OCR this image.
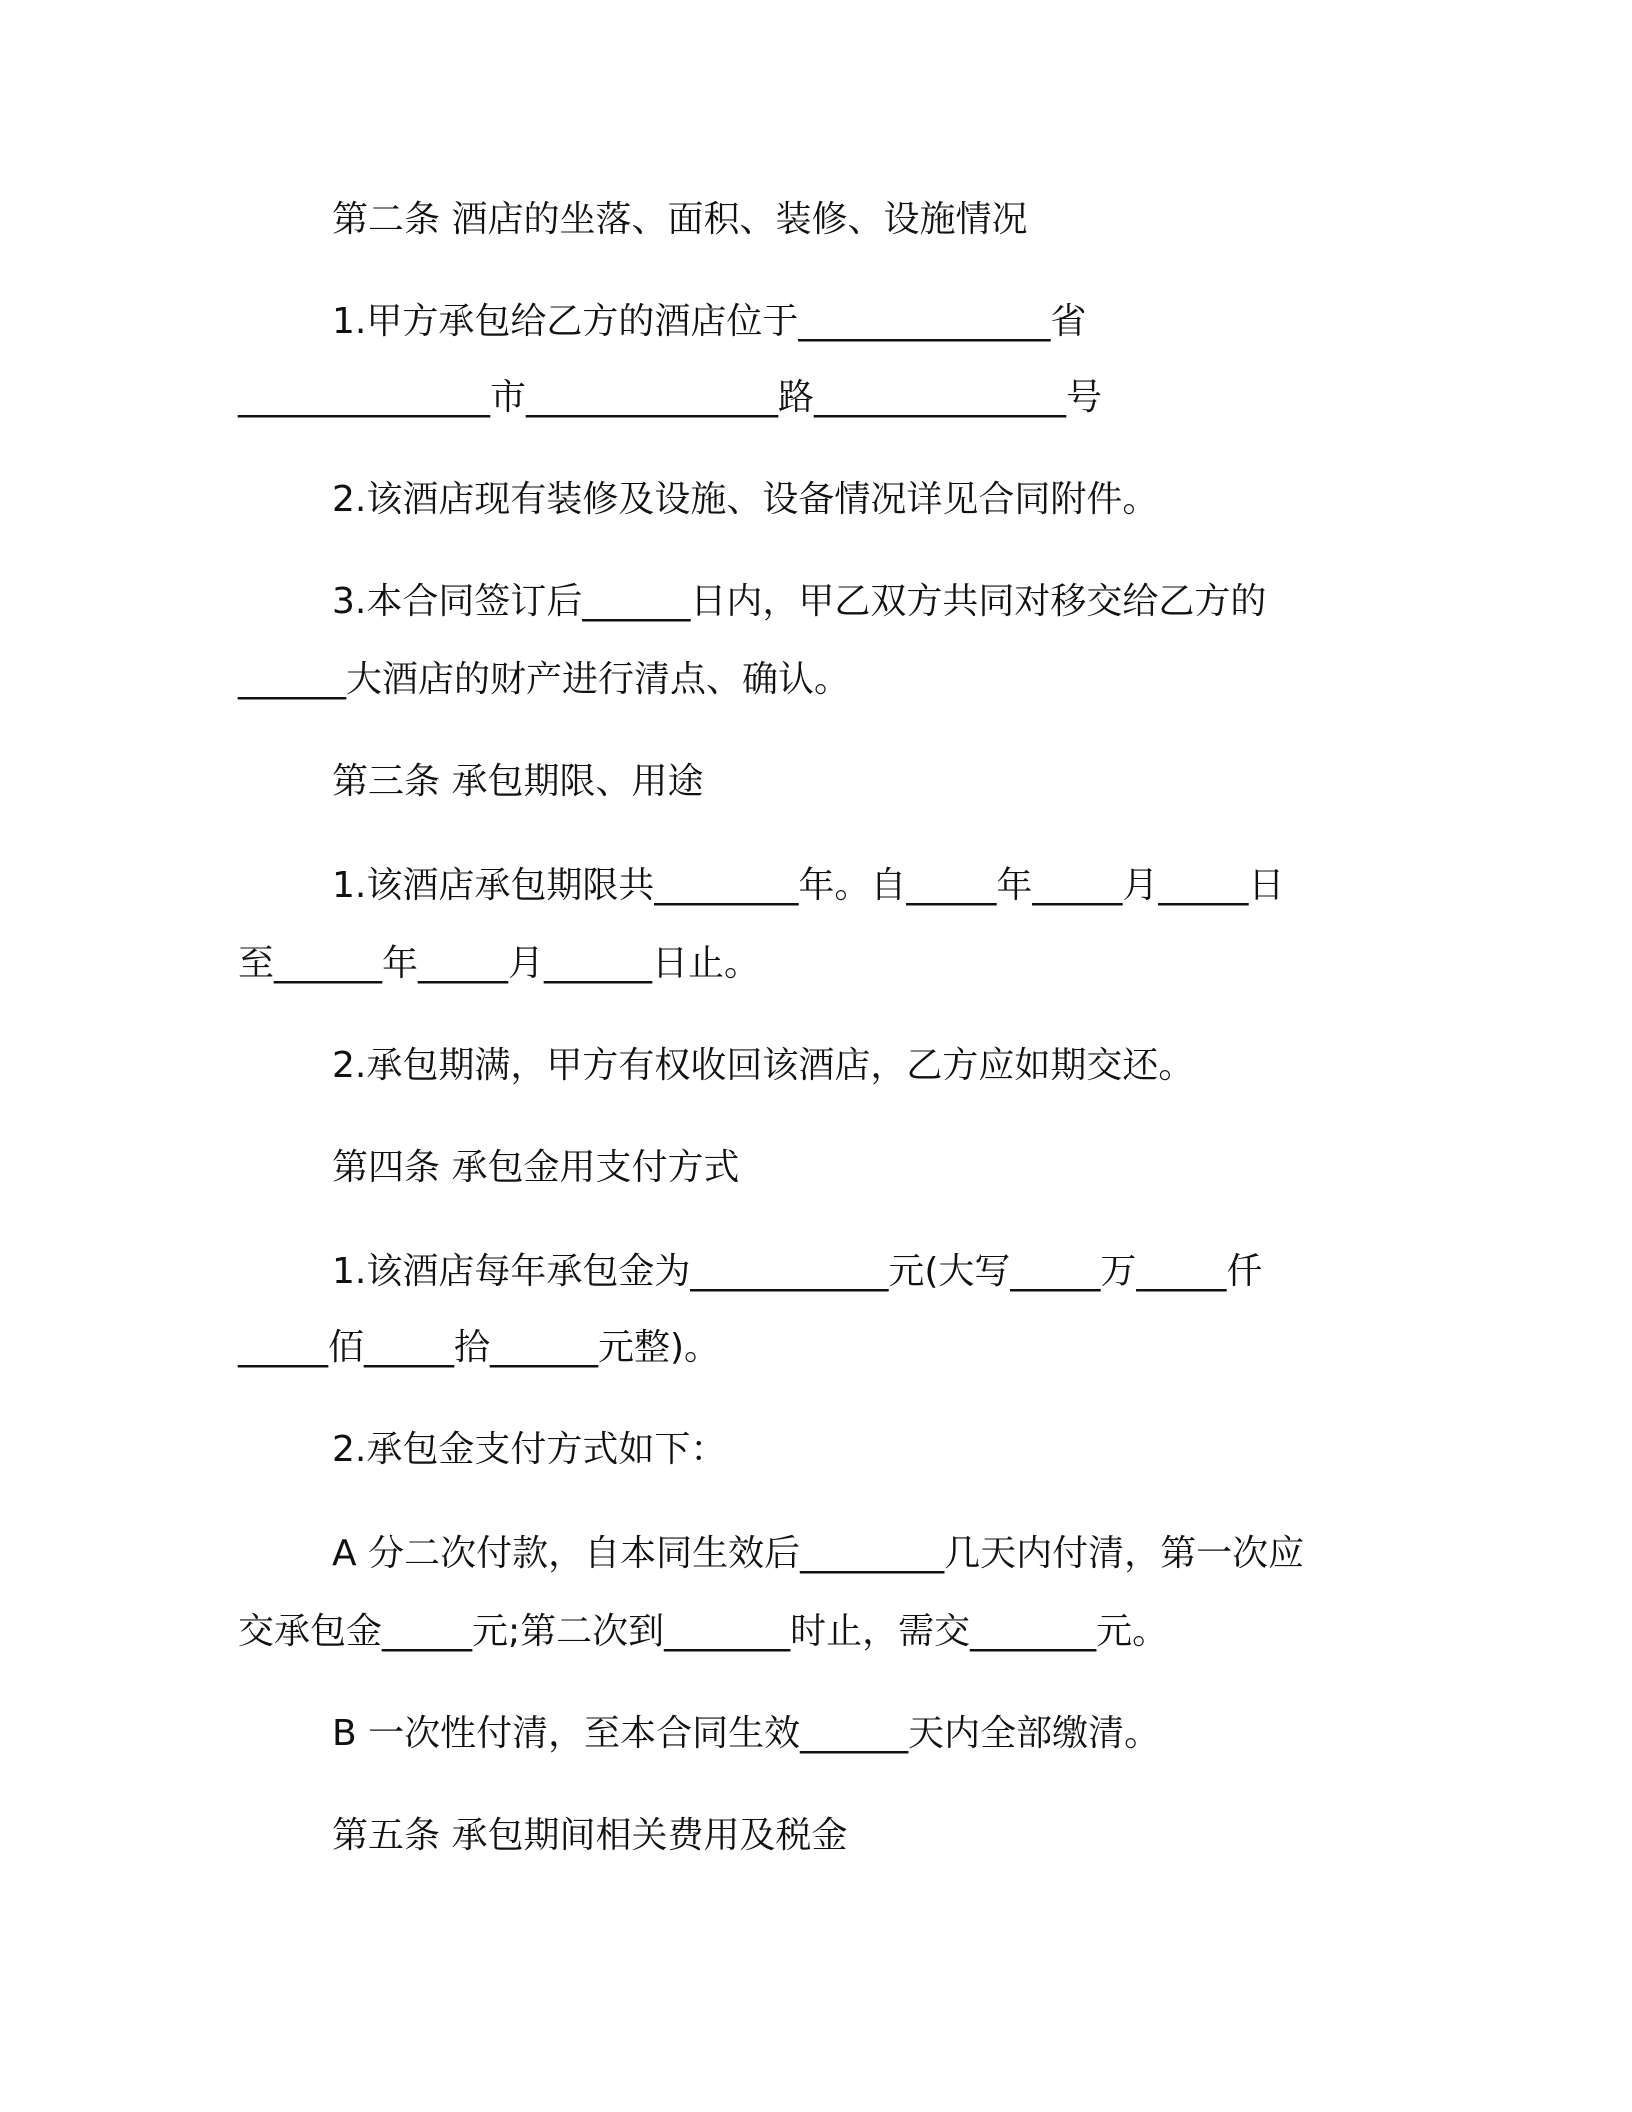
第二条 酒店的坐落、面积、装修、设施情况
1.甲方承包给乙方的酒店位于______________省
______________市______________路______________号
2.该酒店现有装修及设施、设备情况详见合同附件。
3.本合同签订后______日内，甲乙双方共同对移交给乙方的
______大酒店的财产进行清点、确认。
第三条 承包期限、用途
1.该酒店承包期限共________年。自_____年_____月_____日
至______年_____月______日止。
2.承包期满，甲方有权收回该酒店，乙方应如期交还。
第四条 承包金用支付方式
1.该酒店每年承包金为___________元(大写_____万_____仟
_____佰_____拾______元整)。
2.承包金支付方式如下：
A 分二次付款，自本同生效后________几天内付清，第一次应
交承包金_____元;第二次到_______时止，需交_______元。
B 一次性付清，至本合同生效______天内全部缴清。
第五条 承包期间相关费用及税金
